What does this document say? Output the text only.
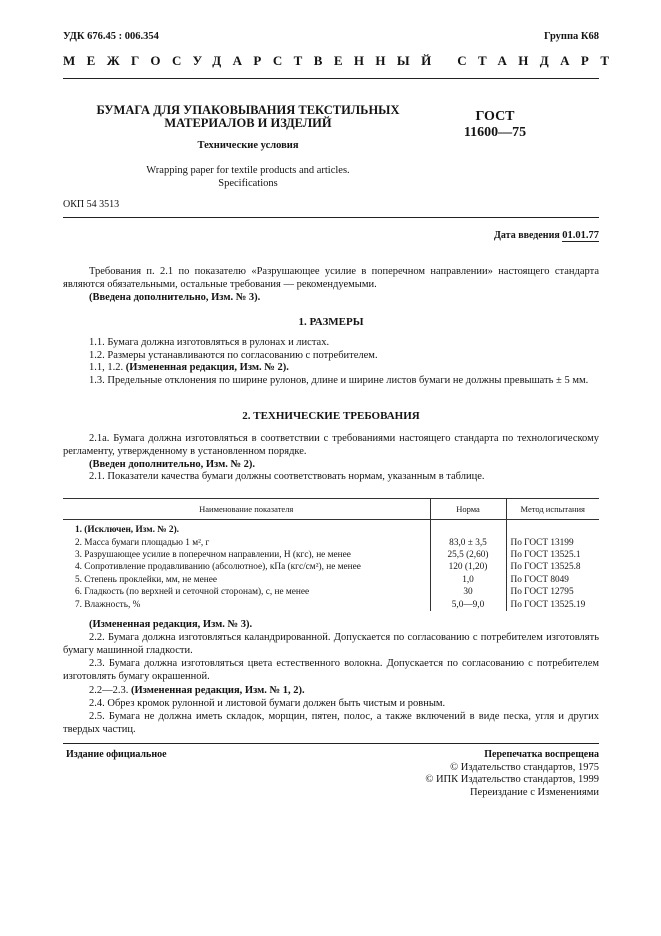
УДК 676.45 : 006.354	Группа К68
МЕЖГОСУДАРСТВЕННЫЙ СТАНДАРТ
БУМАГА ДЛЯ УПАКОВЫВАНИЯ ТЕКСТИЛЬНЫХ
МАТЕРИАЛОВ И ИЗДЕЛИЙ
Технические условия
Wrapping paper for textile products and articles.
Specifications
ГОСТ
11600—75
ОКП 54 3513
Дата введения 01.01.77
Требования п. 2.1 по показателю «Разрушающее усилие в поперечном направлении» настоящего стандарта являются обязательными, остальные требования — рекомендуемыми.
(Введена дополнительно, Изм. № 3).
1. РАЗМЕРЫ
1.1. Бумага должна изготовляться в рулонах и листах.
1.2. Размеры устанавливаются по согласованию с потребителем.
1.1, 1.2. (Измененная редакция, Изм. № 2).
1.3. Предельные отклонения по ширине рулонов, длине и ширине листов бумаги не должны превышать ± 5 мм.
2. ТЕХНИЧЕСКИЕ ТРЕБОВАНИЯ
2.1а. Бумага должна изготовляться в соответствии с требованиями настоящего стандарта по технологическому регламенту, утвержденному в установленном порядке.
(Введен дополнительно, Изм. № 2).
2.1. Показатели качества бумаги должны соответствовать нормам, указанным в таблице.
Наименование показателя	Норма	Метод испытания
1. (Исключен, Изм. № 2).		
2. Масса бумаги площадью 1 м², г	83,0 ± 3,5	По ГОСТ 13199
3. Разрушающее усилие в поперечном направлении, Н (кгс), не менее	25,5 (2,60)	По ГОСТ 13525.1
4. Сопротивление продавливанию (абсолютное), кПа (кгс/см²), не менее	120 (1,20)	По ГОСТ 13525.8
5. Степень проклейки, мм, не менее	1,0	По ГОСТ 8049
6. Гладкость (по верхней и сеточной сторонам), с, не менее	30	По ГОСТ 12795
7. Влажность, %	5,0—9,0	По ГОСТ 13525.19
(Измененная редакция, Изм. № 3).
2.2. Бумага должна изготовляться каландрированной. Допускается по согласованию с потребителем изготовлять бумагу машинной гладкости.
2.3. Бумага должна изготовляться цвета естественного волокна. Допускается по согласованию с потребителем изготовлять бумагу окрашенной.
2.2—2.3. (Измененная редакция, Изм. № 1, 2).
2.4. Обрез кромок рулонной и листовой бумаги должен быть чистым и ровным.
2.5. Бумага не должна иметь складок, морщин, пятен, полос, а также включений в виде песка, угля и других твердых частиц.
Издание официальное	Перепечатка воспрещена
© Издательство стандартов, 1975
© ИПК Издательство стандартов, 1999
Переиздание с Изменениями
